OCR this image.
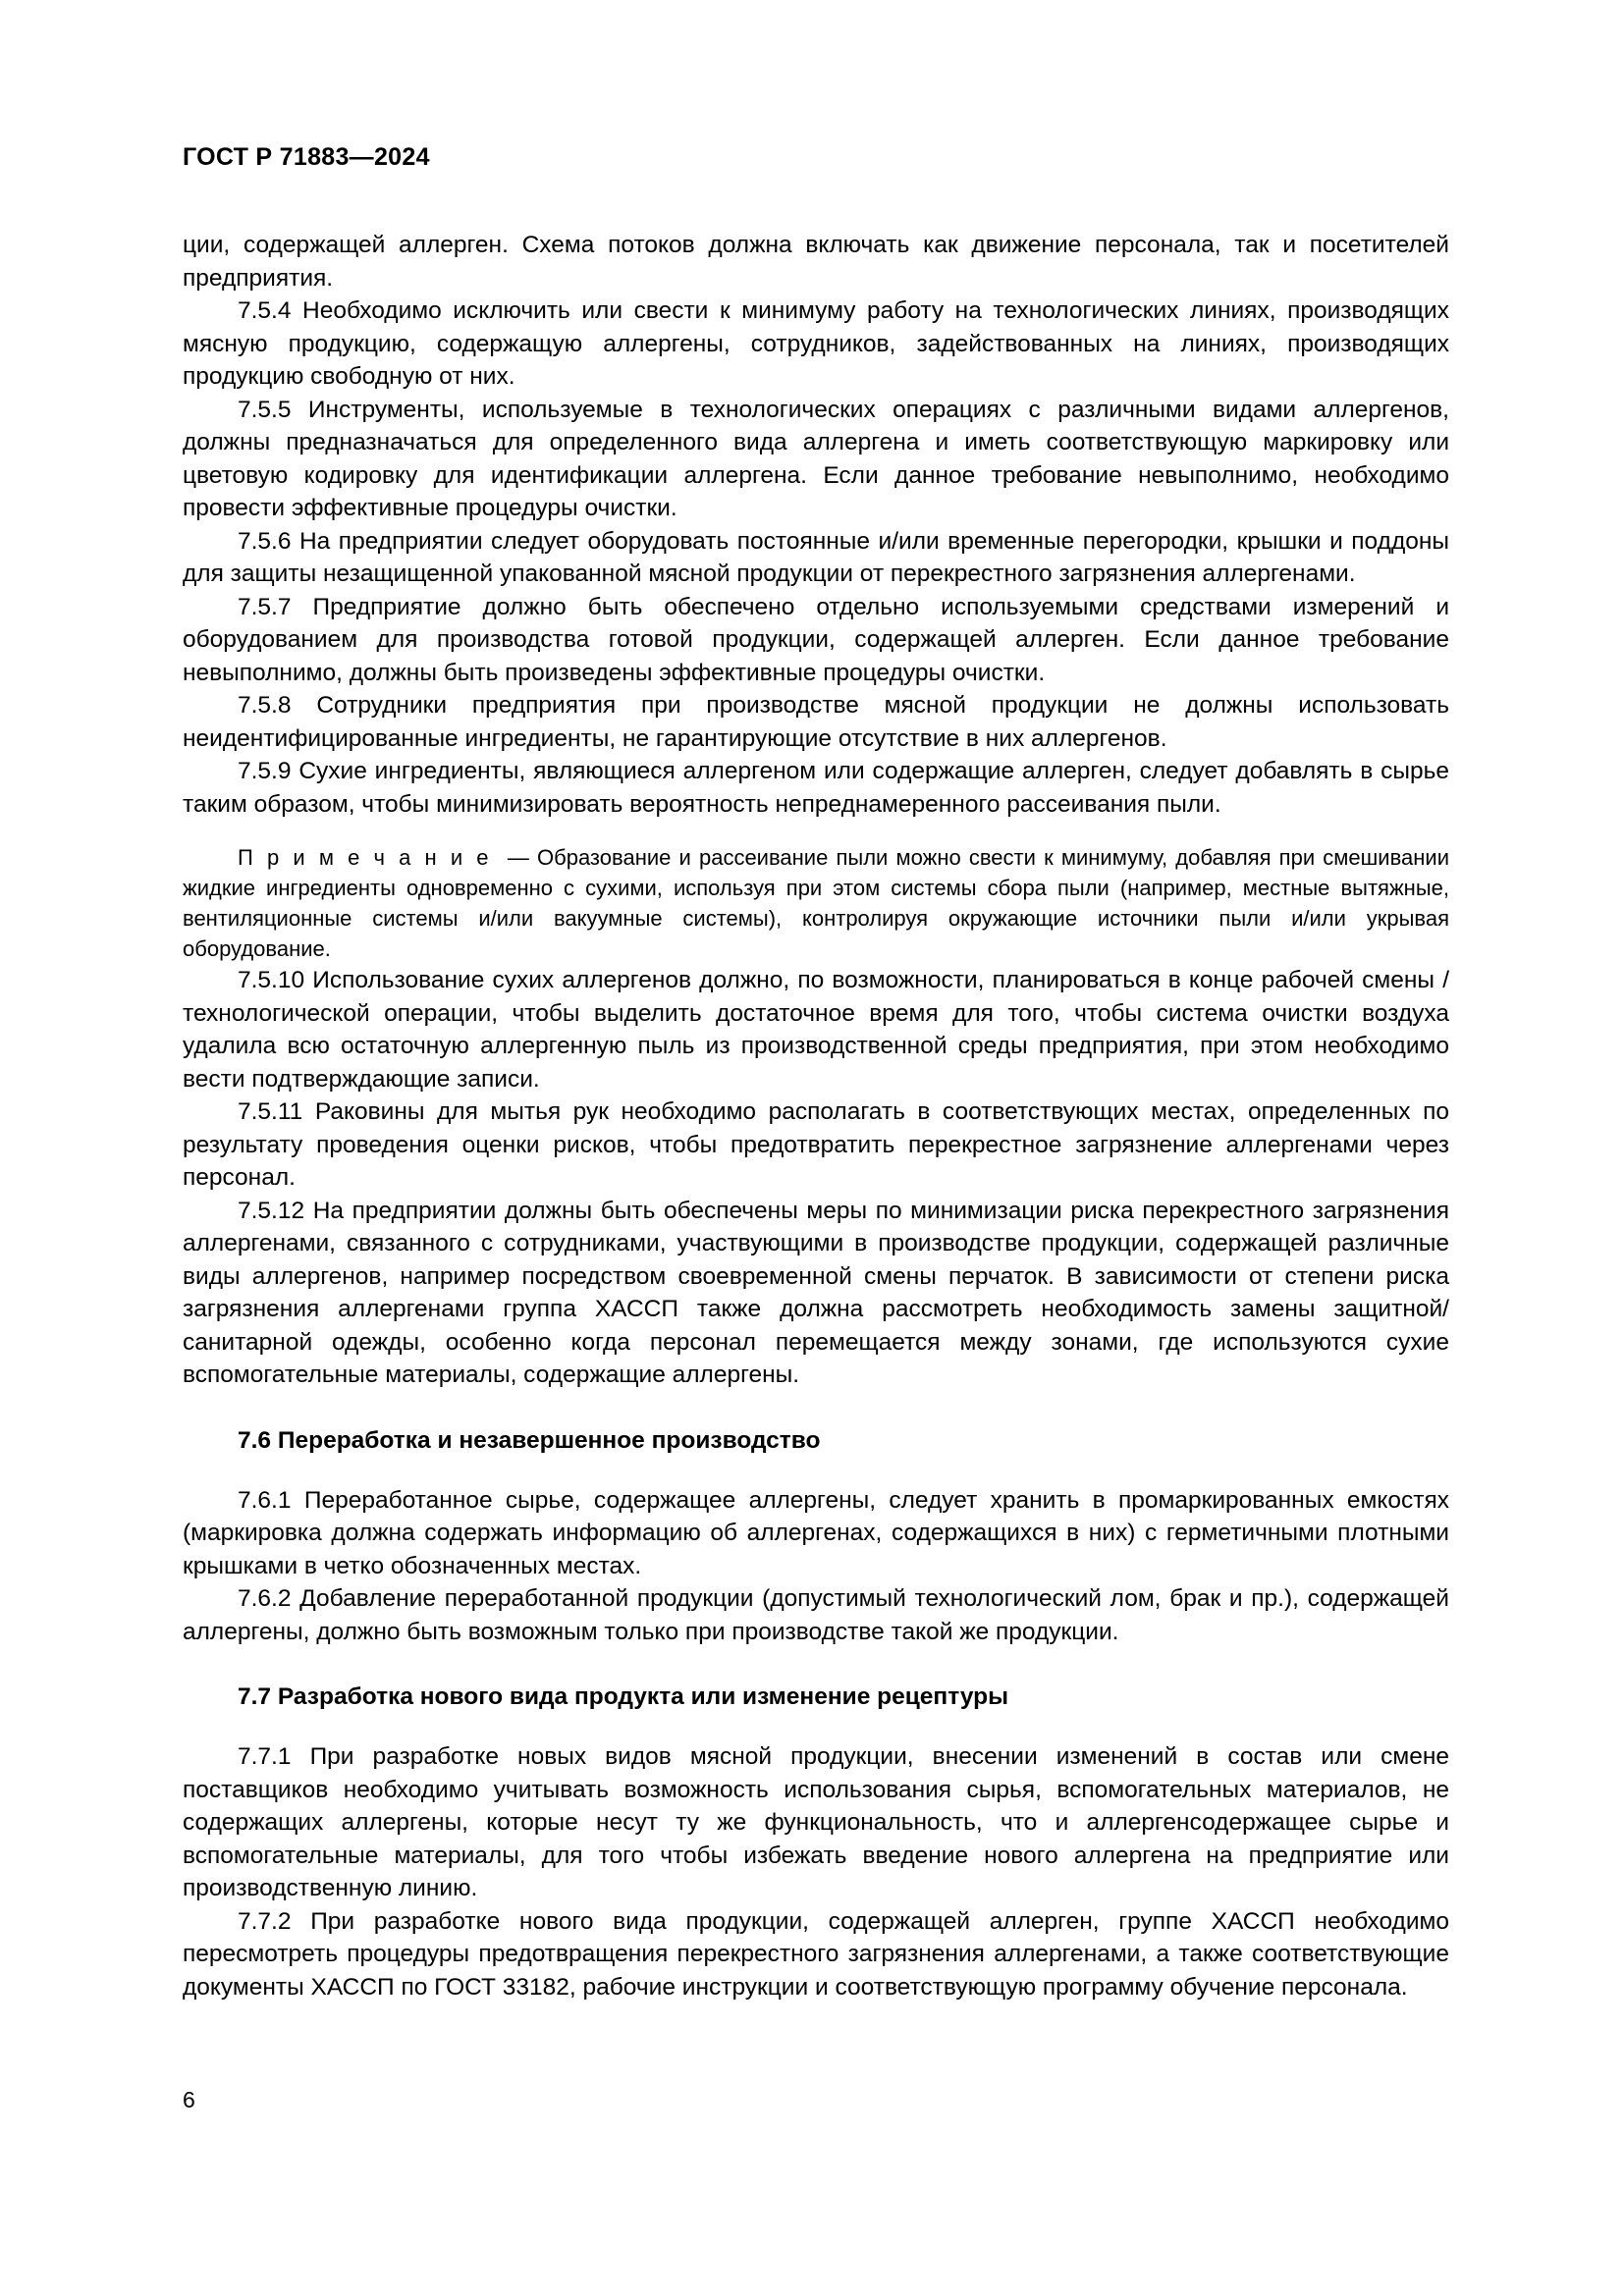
ГОСТ Р 71883—2024

ции, содержащей аллерген. Схема потоков должна включать как движение персонала, так и посетителей предприятия.

7.5.4 Необходимо исключить или свести к минимуму работу на технологических линиях, производящих мясную продукцию, содержащую аллергены, сотрудников, задействованных на линиях, производящих продукцию свободную от них.

7.5.5 Инструменты, используемые в технологических операциях с различными видами аллергенов, должны предназначаться для определенного вида аллергена и иметь соответствующую маркировку или цветовую кодировку для идентификации аллергена. Если данное требование невыполнимо, необходимо провести эффективные процедуры очистки.

7.5.6 На предприятии следует оборудовать постоянные и/или временные перегородки, крышки и поддоны для защиты незащищенной упакованной мясной продукции от перекрестного загрязнения аллергенами.

7.5.7 Предприятие должно быть обеспечено отдельно используемыми средствами измерений и оборудованием для производства готовой продукции, содержащей аллерген. Если данное требование невыполнимо, должны быть произведены эффективные процедуры очистки.

7.5.8 Сотрудники предприятия при производстве мясной продукции не должны использовать неидентифицированные ингредиенты, не гарантирующие отсутствие в них аллергенов.

7.5.9 Сухие ингредиенты, являющиеся аллергеном или содержащие аллерген, следует добавлять в сырье таким образом, чтобы минимизировать вероятность непреднамеренного рассеивания пыли.

П р и м е ч а н и е  — Образование и рассеивание пыли можно свести к минимуму, добавляя при смешивании жидкие ингредиенты одновременно с сухими, используя при этом системы сбора пыли (например, местные вытяжные, вентиляционные системы и/или вакуумные системы), контролируя окружающие источники пыли и/или укрывая оборудование.

7.5.10 Использование сухих аллергенов должно, по возможности, планироваться в конце рабочей смены / технологической операции, чтобы выделить достаточное время для того, чтобы система очистки воздуха удалила всю остаточную аллергенную пыль из производственной среды предприятия, при этом необходимо вести подтверждающие записи.

7.5.11 Раковины для мытья рук необходимо располагать в соответствующих местах, определенных по результату проведения оценки рисков, чтобы предотвратить перекрестное загрязнение аллергенами через персонал.

7.5.12 На предприятии должны быть обеспечены меры по минимизации риска перекрестного загрязнения аллергенами, связанного с сотрудниками, участвующими в производстве продукции, содержащей различные виды аллергенов, например посредством своевременной смены перчаток. В зависимости от степени риска загрязнения аллергенами группа ХАССП также должна рассмотреть необходимость замены защитной/санитарной одежды, особенно когда персонал перемещается между зонами, где используются сухие вспомогательные материалы, содержащие аллергены.

7.6 Переработка и незавершенное производство

7.6.1 Переработанное сырье, содержащее аллергены, следует хранить в промаркированных емкостях (маркировка должна содержать информацию об аллергенах, содержащихся в них) с герметичными плотными крышками в четко обозначенных местах.

7.6.2 Добавление переработанной продукции (допустимый технологический лом, брак и пр.), содержащей аллергены, должно быть возможным только при производстве такой же продукции.

7.7 Разработка нового вида продукта или изменение рецептуры

7.7.1 При разработке новых видов мясной продукции, внесении изменений в состав или смене поставщиков необходимо учитывать возможность использования сырья, вспомогательных материалов, не содержащих аллергены, которые несут ту же функциональность, что и аллергенсодержащее сырье и вспомогательные материалы, для того чтобы избежать введение нового аллергена на предприятие или производственную линию.

7.7.2 При разработке нового вида продукции, содержащей аллерген, группе ХАССП необходимо пересмотреть процедуры предотвращения перекрестного загрязнения аллергенами, а также соответствующие документы ХАССП по ГОСТ 33182, рабочие инструкции и соответствующую программу обучение персонала.

6
